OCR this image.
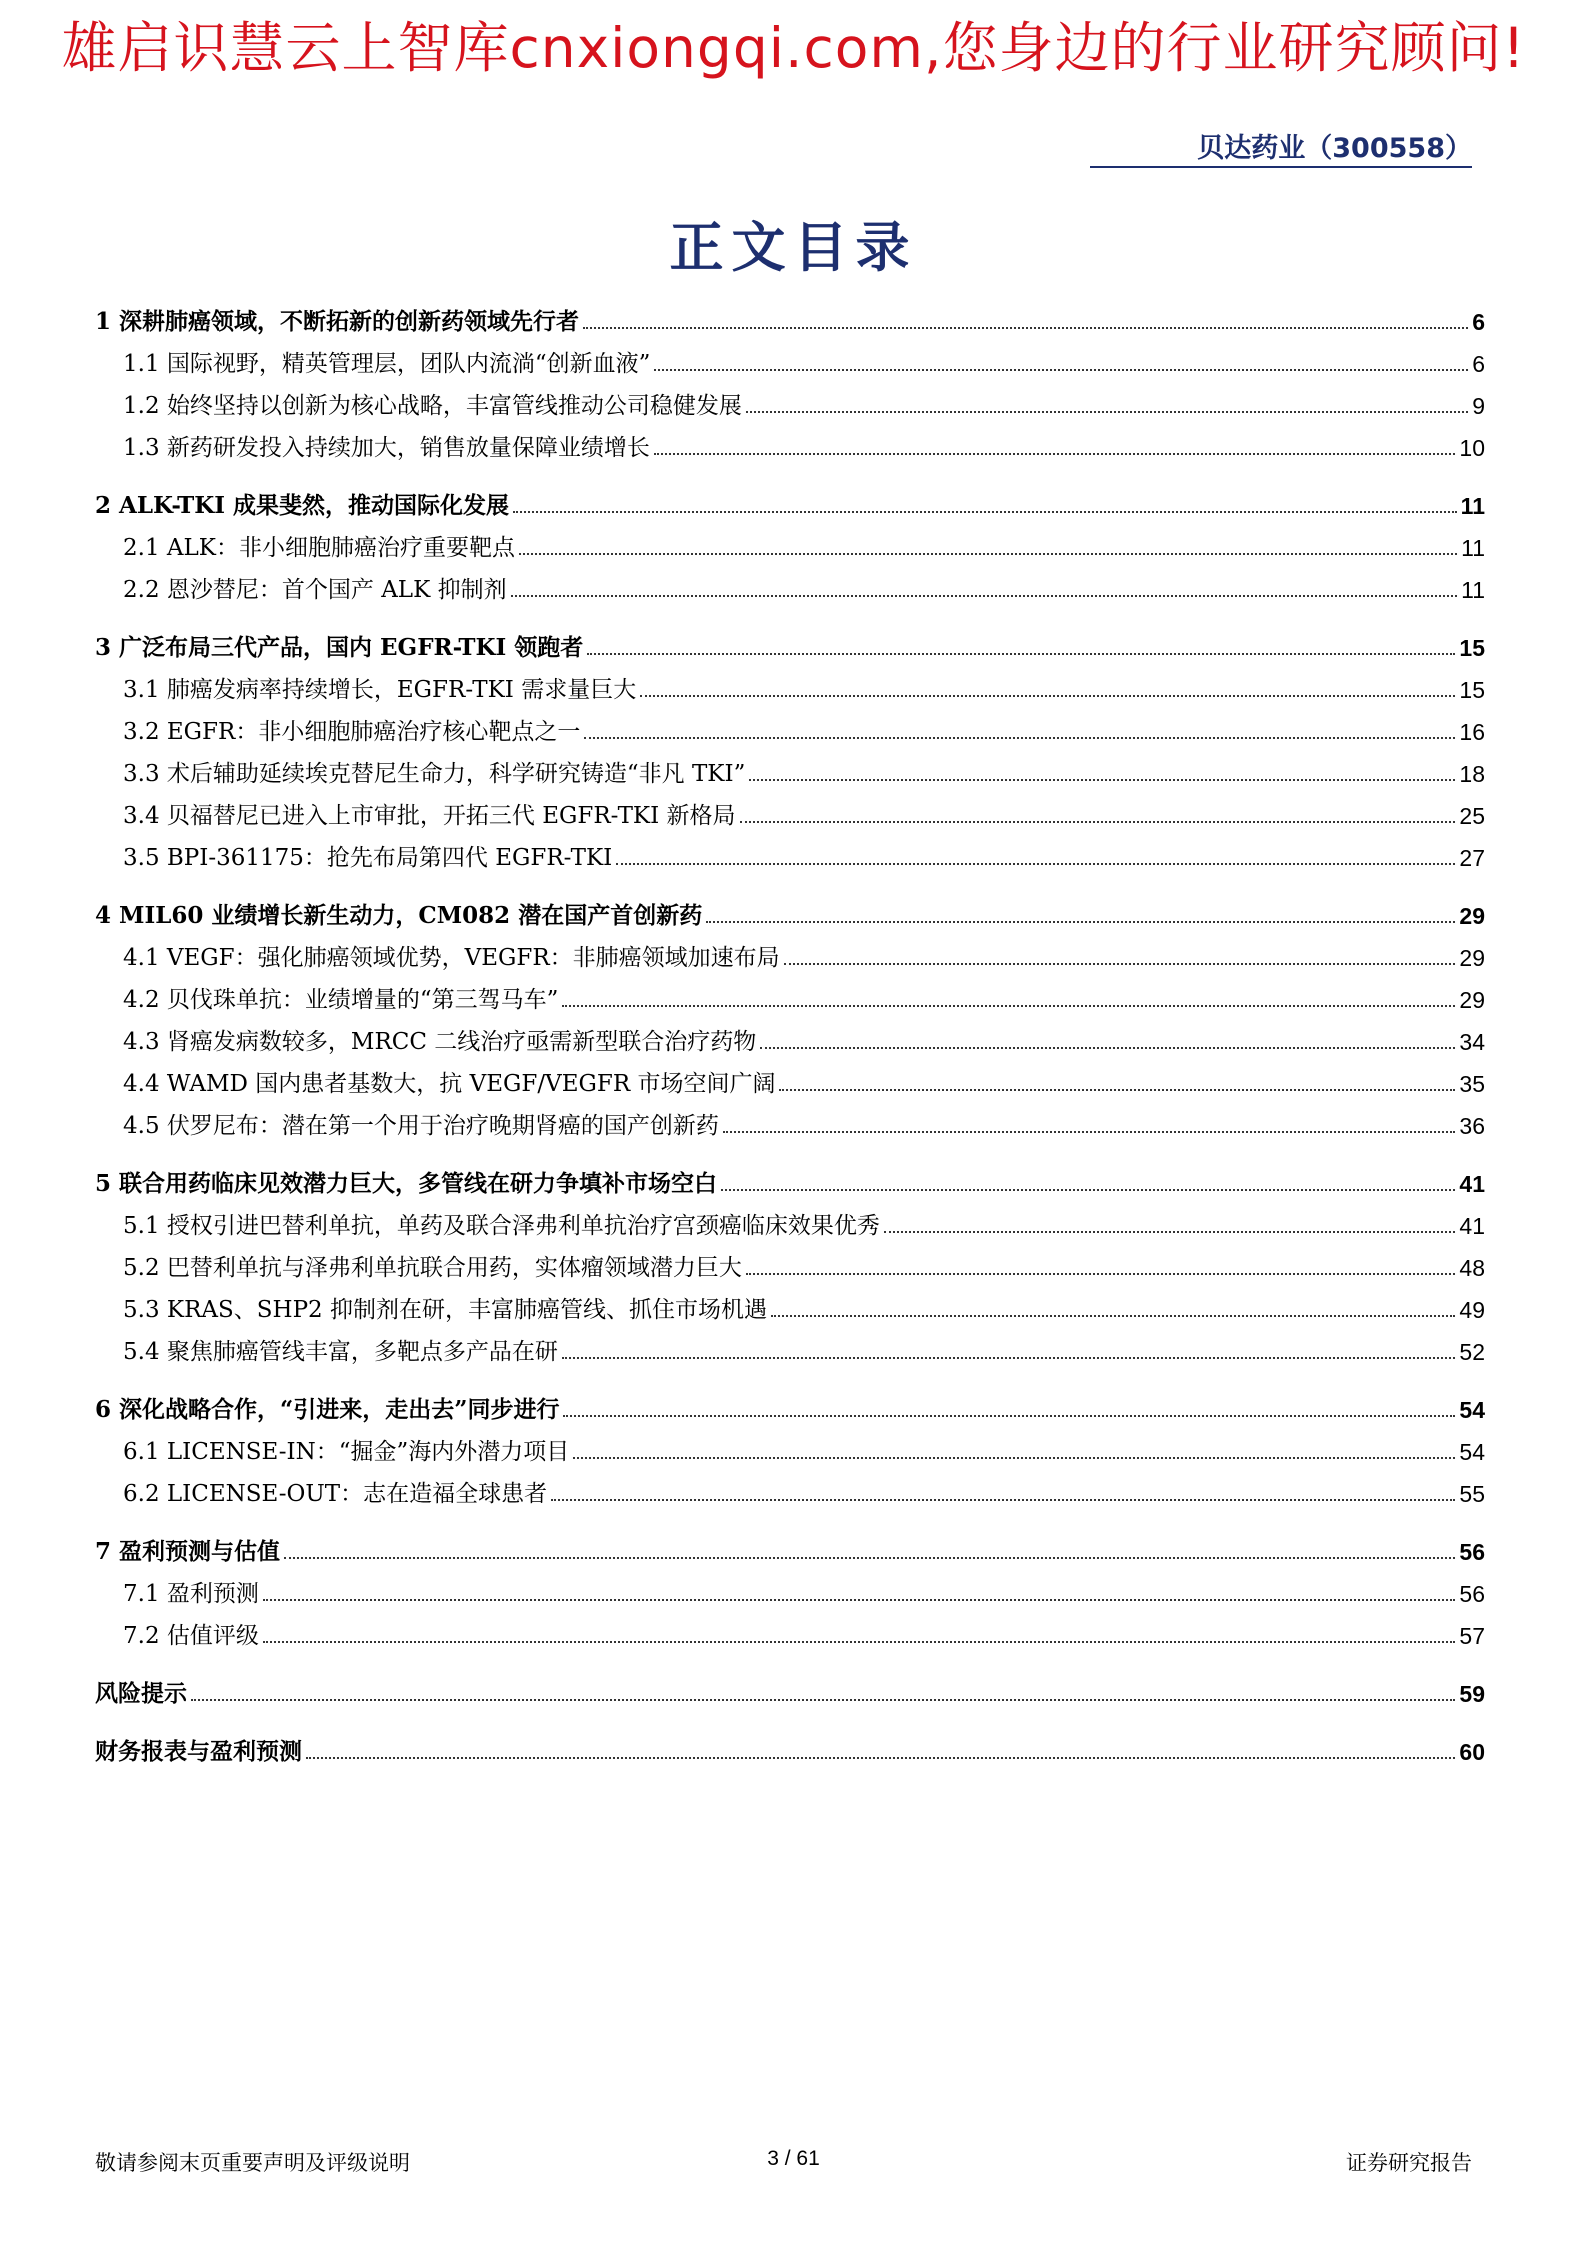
雄启识慧云上智库cnxiongqi.com,您身边的行业研究顾问!
贝达药业（300558）
正文目录
1 深耕肺癌领域，不断拓新的创新药领域先行者	6
1.1 国际视野，精英管理层，团队内流淌“创新血液”	6
1.2 始终坚持以创新为核心战略，丰富管线推动公司稳健发展	9
1.3 新药研发投入持续加大，销售放量保障业绩增长	10
2 ALK-TKI 成果斐然，推动国际化发展	11
2.1 ALK：非小细胞肺癌治疗重要靶点	11
2.2 恩沙替尼：首个国产 ALK 抑制剂	11
3 广泛布局三代产品，国内 EGFR-TKI 领跑者	15
3.1 肺癌发病率持续增长，EGFR-TKI 需求量巨大	15
3.2 EGFR：非小细胞肺癌治疗核心靶点之一	16
3.3 术后辅助延续埃克替尼生命力，科学研究铸造“非凡 TKI”	18
3.4 贝福替尼已进入上市审批，开拓三代 EGFR-TKI 新格局	25
3.5 BPI-361175：抢先布局第四代 EGFR-TKI	27
4 MIL60 业绩增长新生动力，CM082 潜在国产首创新药	29
4.1 VEGF：强化肺癌领域优势，VEGFR：非肺癌领域加速布局	29
4.2 贝伐珠单抗：业绩增量的“第三驾马车”	29
4.3 肾癌发病数较多，MRCC 二线治疗亟需新型联合治疗药物	34
4.4 WAMD 国内患者基数大，抗 VEGF/VEGFR 市场空间广阔	35
4.5 伏罗尼布：潜在第一个用于治疗晚期肾癌的国产创新药	36
5 联合用药临床见效潜力巨大，多管线在研力争填补市场空白	41
5.1 授权引进巴替利单抗，单药及联合泽弗利单抗治疗宫颈癌临床效果优秀	41
5.2 巴替利单抗与泽弗利单抗联合用药，实体瘤领域潜力巨大	48
5.3 KRAS、SHP2 抑制剂在研，丰富肺癌管线、抓住市场机遇	49
5.4 聚焦肺癌管线丰富，多靶点多产品在研	52
6 深化战略合作，“引进来，走出去”同步进行	54
6.1 LICENSE-IN：“掘金”海内外潜力项目	54
6.2 LICENSE-OUT：志在造福全球患者	55
7 盈利预测与估值	56
7.1 盈利预测	56
7.2 估值评级	57
风险提示	59
财务报表与盈利预测	60
敬请参阅末页重要声明及评级说明	3 / 61	证券研究报告
